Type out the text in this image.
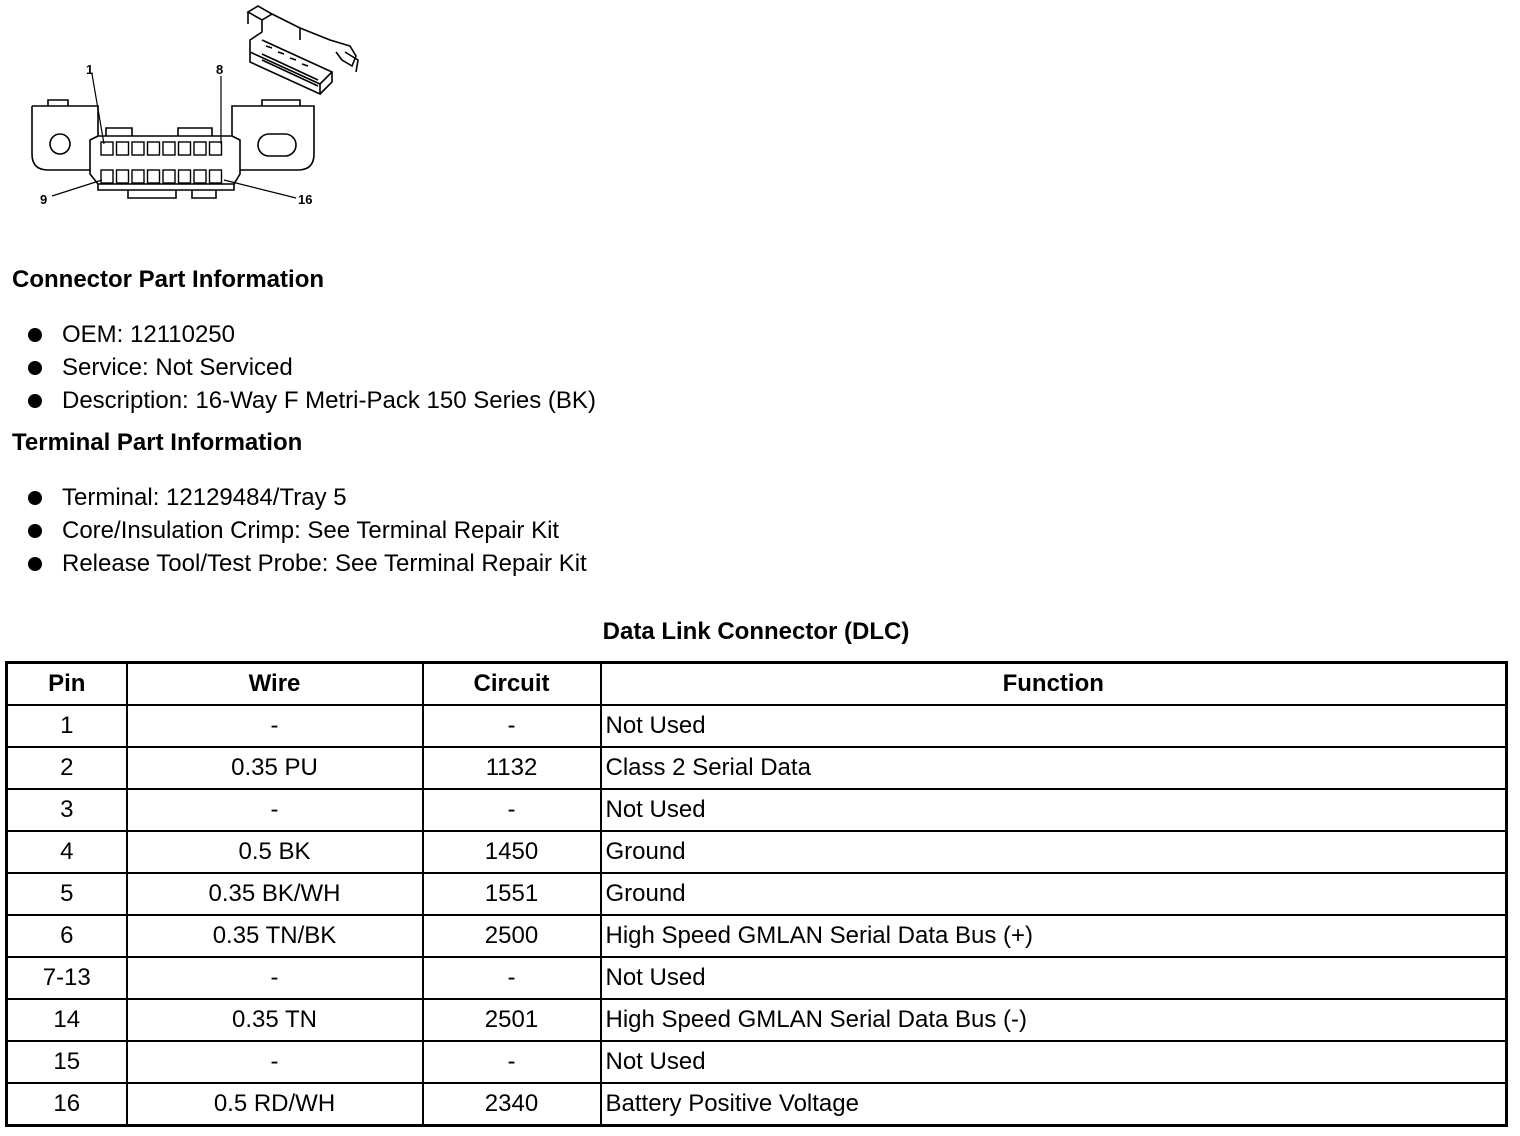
1	8
9	16
Connector Part Information
OEM: 12110250
Service: Not Serviced
Description: 16-Way F Metri-Pack 150 Series (BK)
Terminal Part Information
Terminal: 12129484/Tray 5
Core/Insulation Crimp: See Terminal Repair Kit
Release Tool/Test Probe: See Terminal Repair Kit
Data Link Connector (DLC)
Pin	Wire	Circuit	Function
1	-	-	Not Used
2	0.35 PU	1132	Class 2 Serial Data
3	-	-	Not Used
4	0.5 BK	1450	Ground
5	0.35 BK/WH	1551	Ground
6	0.35 TN/BK	2500	High Speed GMLAN Serial Data Bus (+)
7-13	-	-	Not Used
14	0.35 TN	2501	High Speed GMLAN Serial Data Bus (-)
15	-	-	Not Used
16	0.5 RD/WH	2340	Battery Positive Voltage
